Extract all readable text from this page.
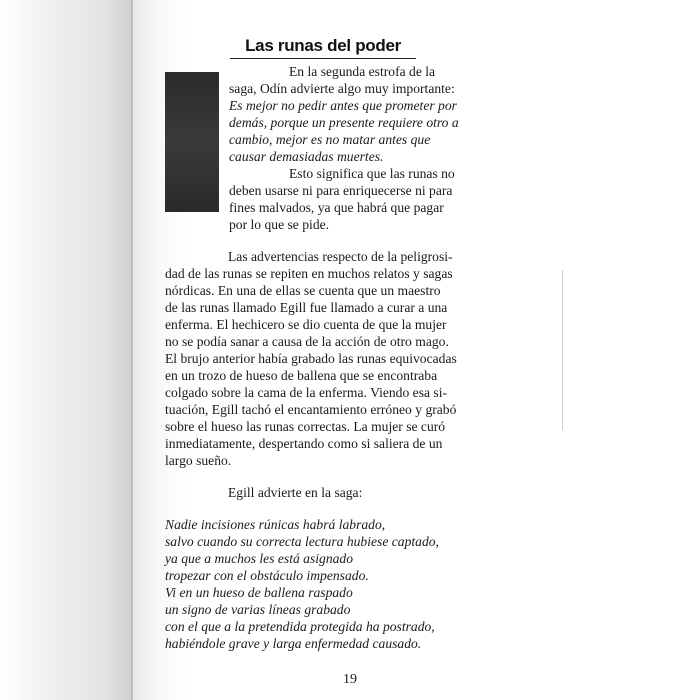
Las runas del poder
En la segunda estrofa de la
saga, Odín advierte algo muy importante:
Es mejor no pedir antes que prometer por
demás, porque un presente requiere otro a
cambio, mejor es no matar antes que
causar demasiadas muertes.
Esto significa que las runas no
deben usarse ni para enriquecerse ni para
fines malvados, ya que habrá que pagar
por lo que se pide.
Las advertencias respecto de la peligrosi-
dad de las runas se repiten en muchos relatos y sagas
nórdicas. En una de ellas se cuenta que un maestro
de las runas llamado Egill fue llamado a curar a una
enferma. El hechicero se dio cuenta de que la mujer
no se podía sanar a causa de la acción de otro mago.
El brujo anterior había grabado las runas equivocadas
en un trozo de hueso de ballena que se encontraba
colgado sobre la cama de la enferma. Viendo esa si-
tuación, Egill tachó el encantamiento erróneo y grabó
sobre el hueso las runas correctas. La mujer se curó
inmediatamente, despertando como si saliera de un
largo sueño.
Egill advierte en la saga:
Nadie incisiones rúnicas habrá labrado,
salvo cuando su correcta lectura hubiese captado,
ya que a muchos les está asignado
tropezar con el obstáculo impensado.
Vi en un hueso de ballena raspado
un signo de varias líneas grabado
con el que a la pretendida protegida ha postrado,
habiéndole grave y larga enfermedad causado.
19
